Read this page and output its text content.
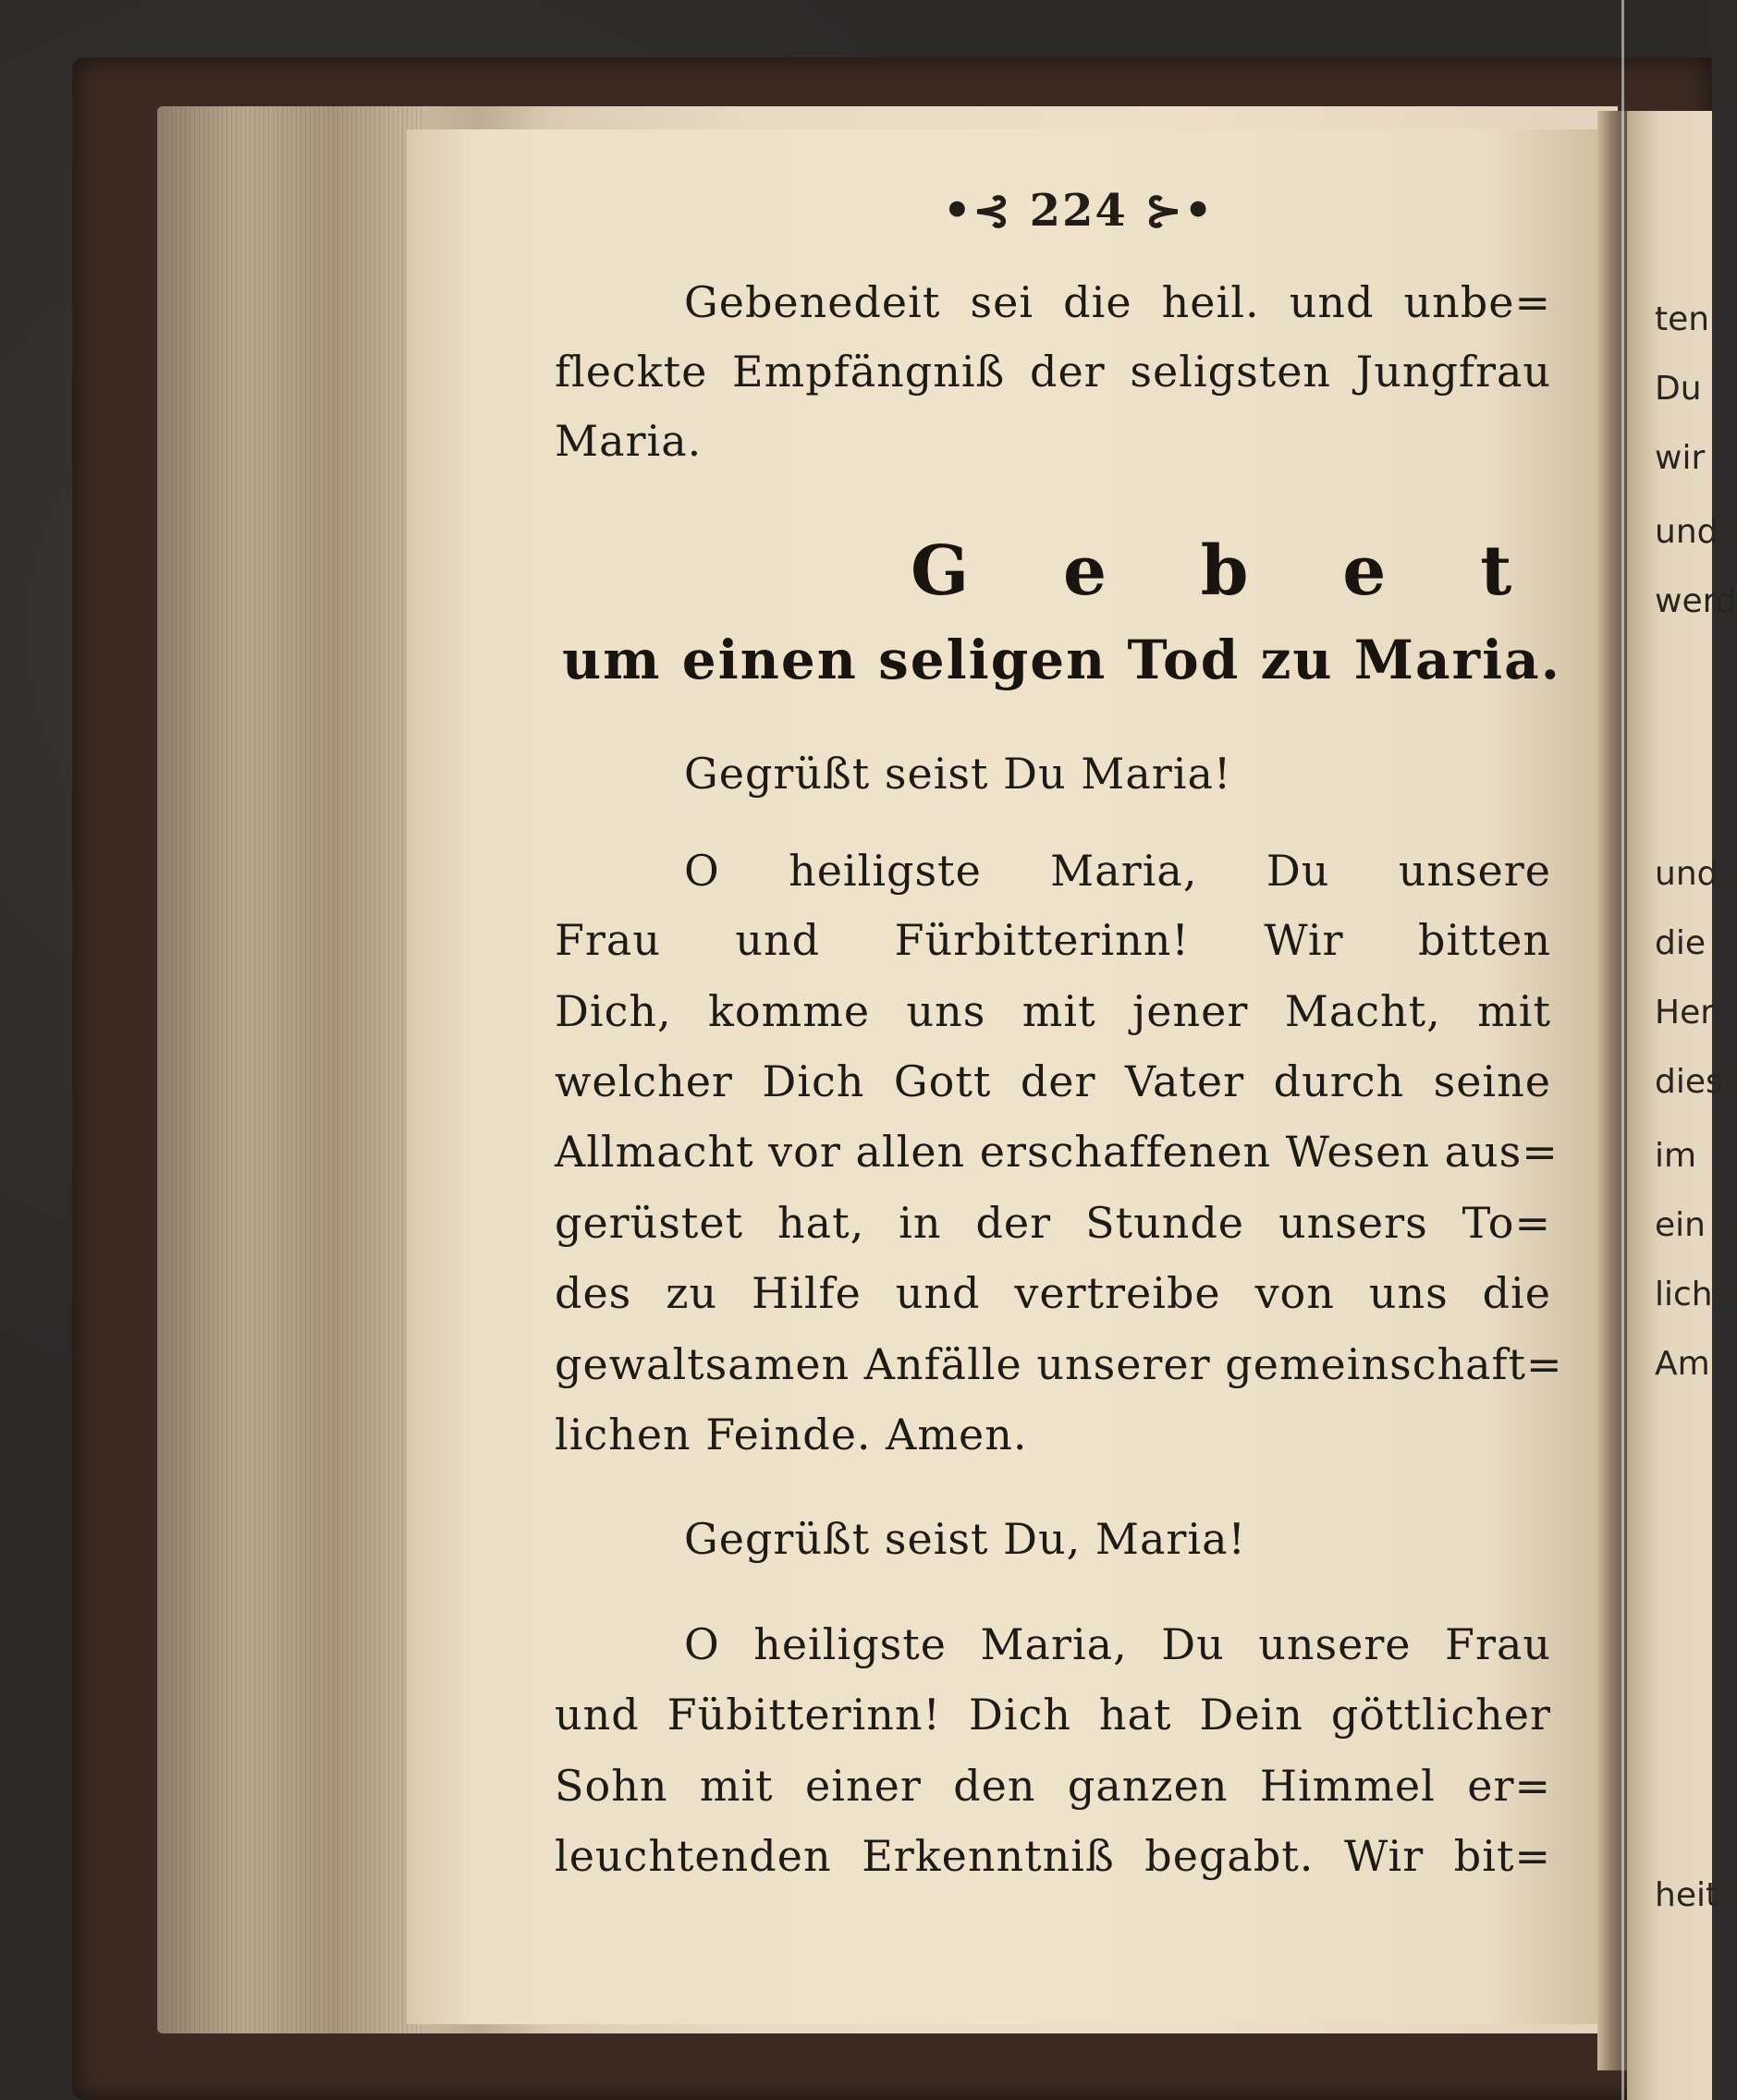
•⊰ 224 ⊱•
Gebenedeit sei die heil. und unbe=
fleckte Empfängniß der seligsten Jungfrau
Maria.
G e b e t
um einen seligen Tod zu Maria.
Gegrüßt seist Du Maria!
O heiligste Maria, Du unsere
Frau und Fürbitterinn! Wir bitten
Dich, komme uns mit jener Macht, mit
welcher Dich Gott der Vater durch seine
Allmacht vor allen erschaffenen Wesen aus=
gerüstet hat, in der Stunde unsers To=
des zu Hilfe und vertreibe von uns die
gewaltsamen Anfälle unserer gemeinschaft=
lichen Feinde. Amen.
Gegrüßt seist Du, Maria!
O heiligste Maria, Du unsere Frau
und Fübitterinn! Dich hat Dein göttlicher
Sohn mit einer den ganzen Himmel er=
leuchtenden Erkenntniß begabt. Wir bit=
ten
Du
wir
und
werd
und
die
Her
dies
im
ein
lich
Am
heit
